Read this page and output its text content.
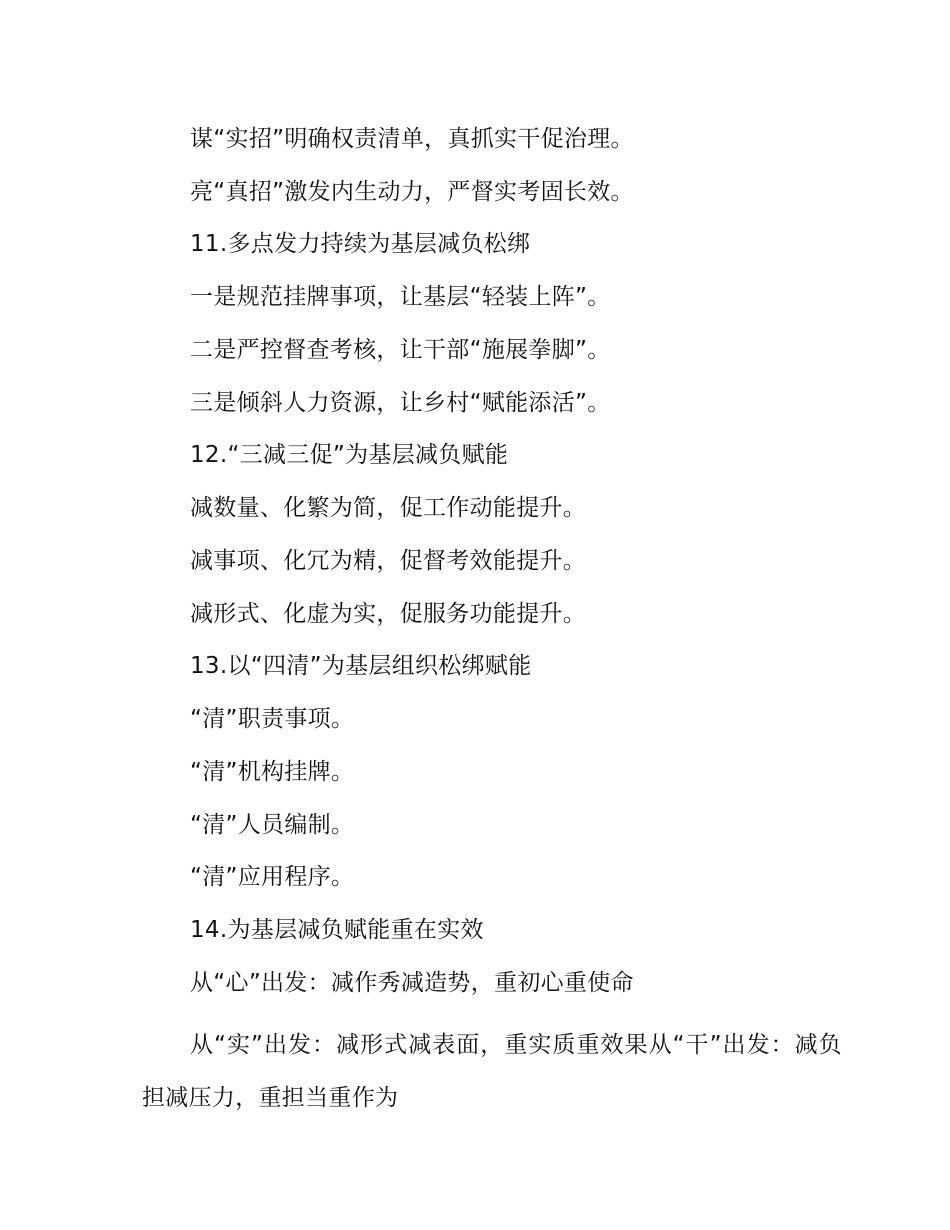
谋“实招”明确权责清单，真抓实干促治理。
亮“真招”激发内生动力，严督实考固长效。
11.多点发力持续为基层减负松绑
一是规范挂牌事项，让基层“轻装上阵”。
二是严控督查考核，让干部“施展拳脚”。
三是倾斜人力资源，让乡村“赋能添活”。
12.“三减三促”为基层减负赋能
减数量、化繁为简，促工作动能提升。
减事项、化冗为精，促督考效能提升。
减形式、化虚为实，促服务功能提升。
13.以“四清”为基层组织松绑赋能
“清”职责事项。
“清”机构挂牌。
“清”人员编制。
“清”应用程序。
14.为基层减负赋能重在实效
从“心”出发：减作秀减造势，重初心重使命
从“实”出发：减形式减表面，重实质重效果从“干”出发：减负担减压力，重担当重作为
